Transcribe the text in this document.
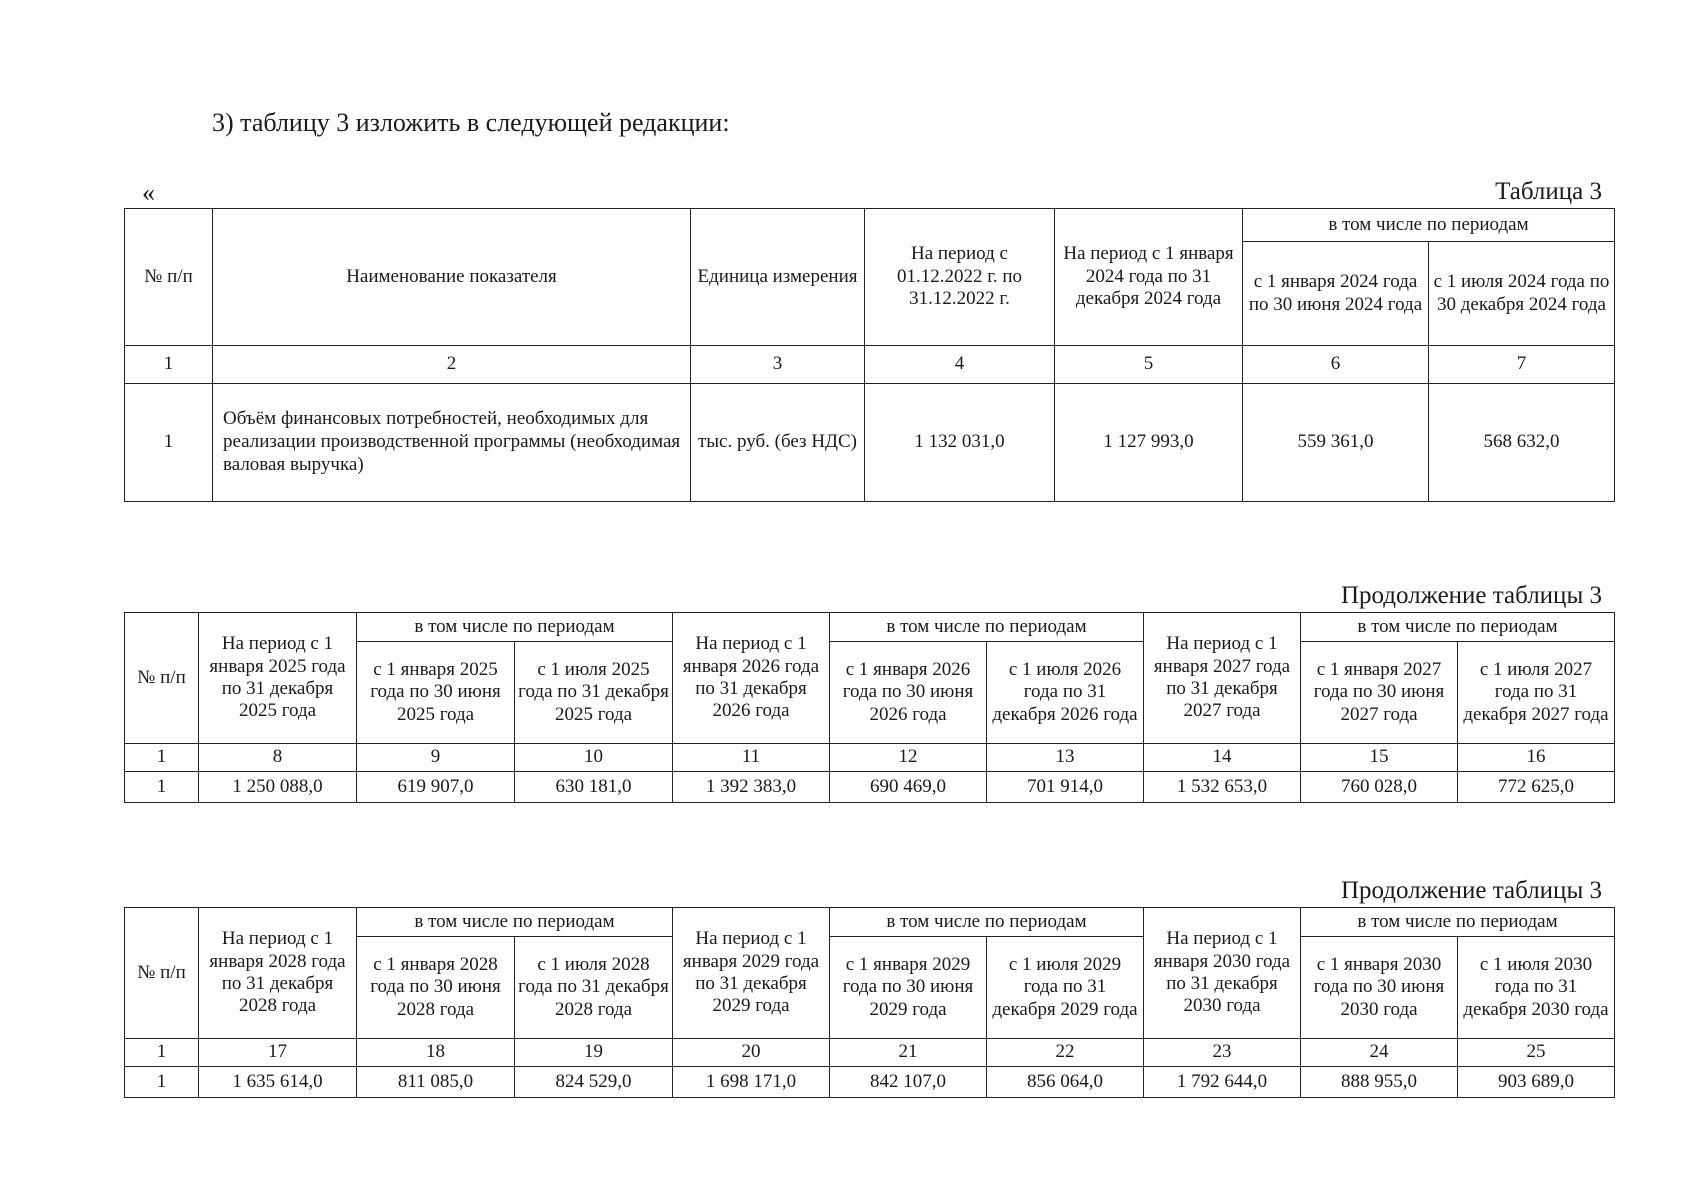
3) таблицу 3 изложить в следующей редакции:
«	Таблица 3
№ п/п	Наименование показателя	Единица измерения	На период с 01.12.2022 г. по 31.12.2022 г.	На период с 1 января 2024 года по 31 декабря 2024 года	в том числе по периодам	
					с 1 января 2024 года по 30 июня 2024 года	с 1 июля 2024 года по 30 декабря 2024 года
1	2	3	4	5	6	7
1	Объём финансовых потребностей, необходимых для реализации производственной программы (необходимая валовая выручка)	тыс. руб. (без НДС)	1 132 031,0	1 127 993,0	559 361,0	568 632,0
Продолжение таблицы 3
№ п/п	На период с 1 января 2025 года по 31 декабря 2025 года	в том числе по периодам		На период с 1 января 2026 года по 31 декабря 2026 года	в том числе по периодам		На период с 1 января 2027 года по 31 декабря 2027 года	в том числе по периодам	
		с 1 января 2025 года по 30 июня 2025 года	с 1 июля 2025 года по 31 декабря 2025 года		с 1 января 2026 года по 30 июня 2026 года	с 1 июля 2026 года по 31 декабря 2026 года		с 1 января 2027 года по 30 июня 2027 года	с 1 июля 2027 года по 31 декабря 2027 года
1	8	9	10	11	12	13	14	15	16
1	1 250 088,0	619 907,0	630 181,0	1 392 383,0	690 469,0	701 914,0	1 532 653,0	760 028,0	772 625,0
Продолжение таблицы 3
№ п/п	На период с 1 января 2028 года по 31 декабря 2028 года	в том числе по периодам		На период с 1 января 2029 года по 31 декабря 2029 года	в том числе по периодам		На период с 1 января 2030 года по 31 декабря 2030 года	в том числе по периодам	
		с 1 января 2028 года по 30 июня 2028 года	с 1 июля 2028 года по 31 декабря 2028 года		с 1 января 2029 года по 30 июня 2029 года	с 1 июля 2029 года по 31 декабря 2029 года		с 1 января 2030 года по 30 июня 2030 года	с 1 июля 2030 года по 31 декабря 2030 года
1	17	18	19	20	21	22	23	24	25
1	1 635 614,0	811 085,0	824 529,0	1 698 171,0	842 107,0	856 064,0	1 792 644,0	888 955,0	903 689,0
